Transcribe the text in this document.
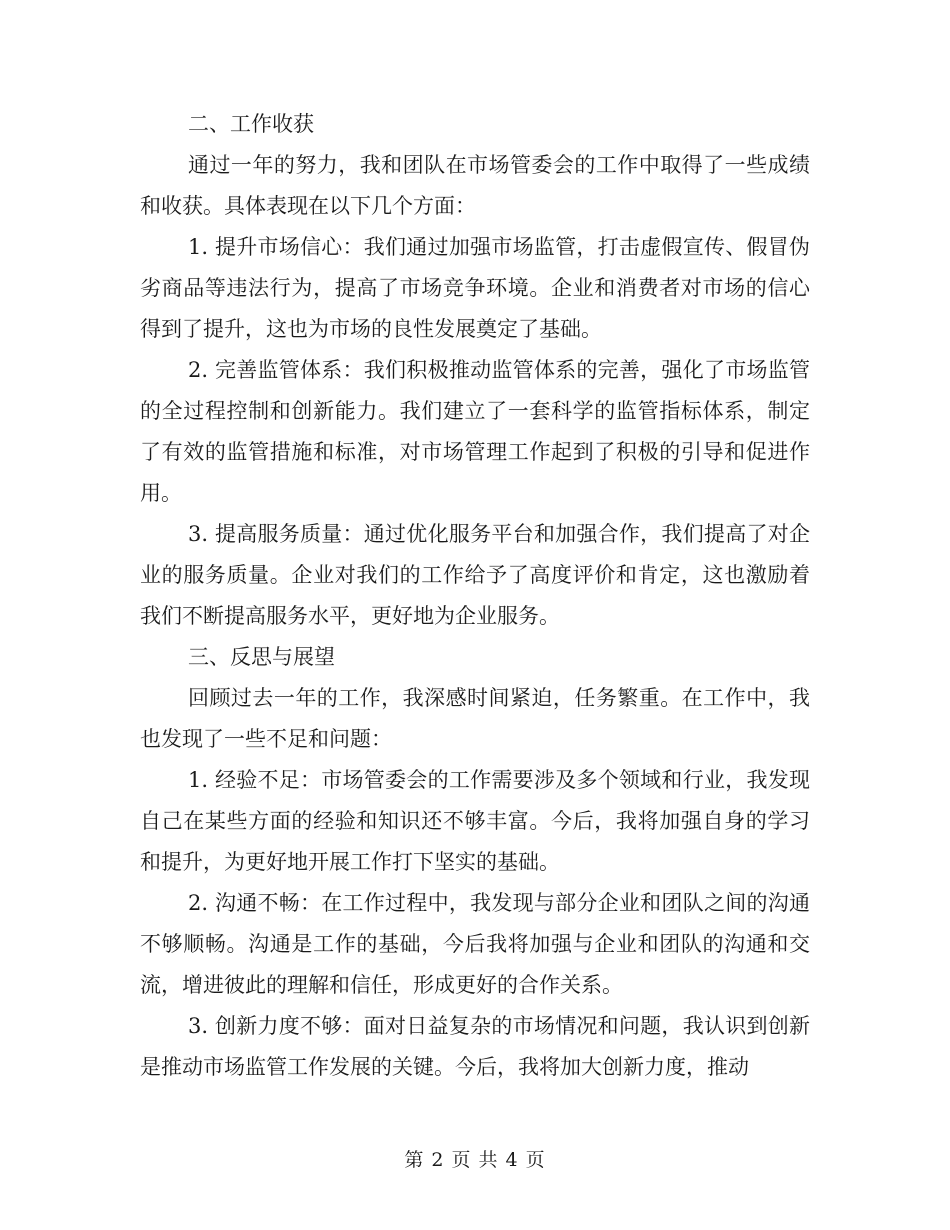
二、工作收获

通过一年的努力，我和团队在市场管委会的工作中取得了一些成绩和收获。具体表现在以下几个方面：

1. 提升市场信心：我们通过加强市场监管，打击虚假宣传、假冒伪劣商品等违法行为，提高了市场竞争环境。企业和消费者对市场的信心得到了提升，这也为市场的良性发展奠定了基础。

2. 完善监管体系：我们积极推动监管体系的完善，强化了市场监管的全过程控制和创新能力。我们建立了一套科学的监管指标体系，制定了有效的监管措施和标准，对市场管理工作起到了积极的引导和促进作用。

3. 提高服务质量：通过优化服务平台和加强合作，我们提高了对企业的服务质量。企业对我们的工作给予了高度评价和肯定，这也激励着我们不断提高服务水平，更好地为企业服务。

三、反思与展望

回顾过去一年的工作，我深感时间紧迫，任务繁重。在工作中，我也发现了一些不足和问题：

1. 经验不足：市场管委会的工作需要涉及多个领域和行业，我发现自己在某些方面的经验和知识还不够丰富。今后，我将加强自身的学习和提升，为更好地开展工作打下坚实的基础。

2. 沟通不畅：在工作过程中，我发现与部分企业和团队之间的沟通不够顺畅。沟通是工作的基础，今后我将加强与企业和团队的沟通和交流，增进彼此的理解和信任，形成更好的合作关系。

3. 创新力度不够：面对日益复杂的市场情况和问题，我认识到创新是推动市场监管工作发展的关键。今后，我将加大创新力度，推动

第 2 页 共 4 页
